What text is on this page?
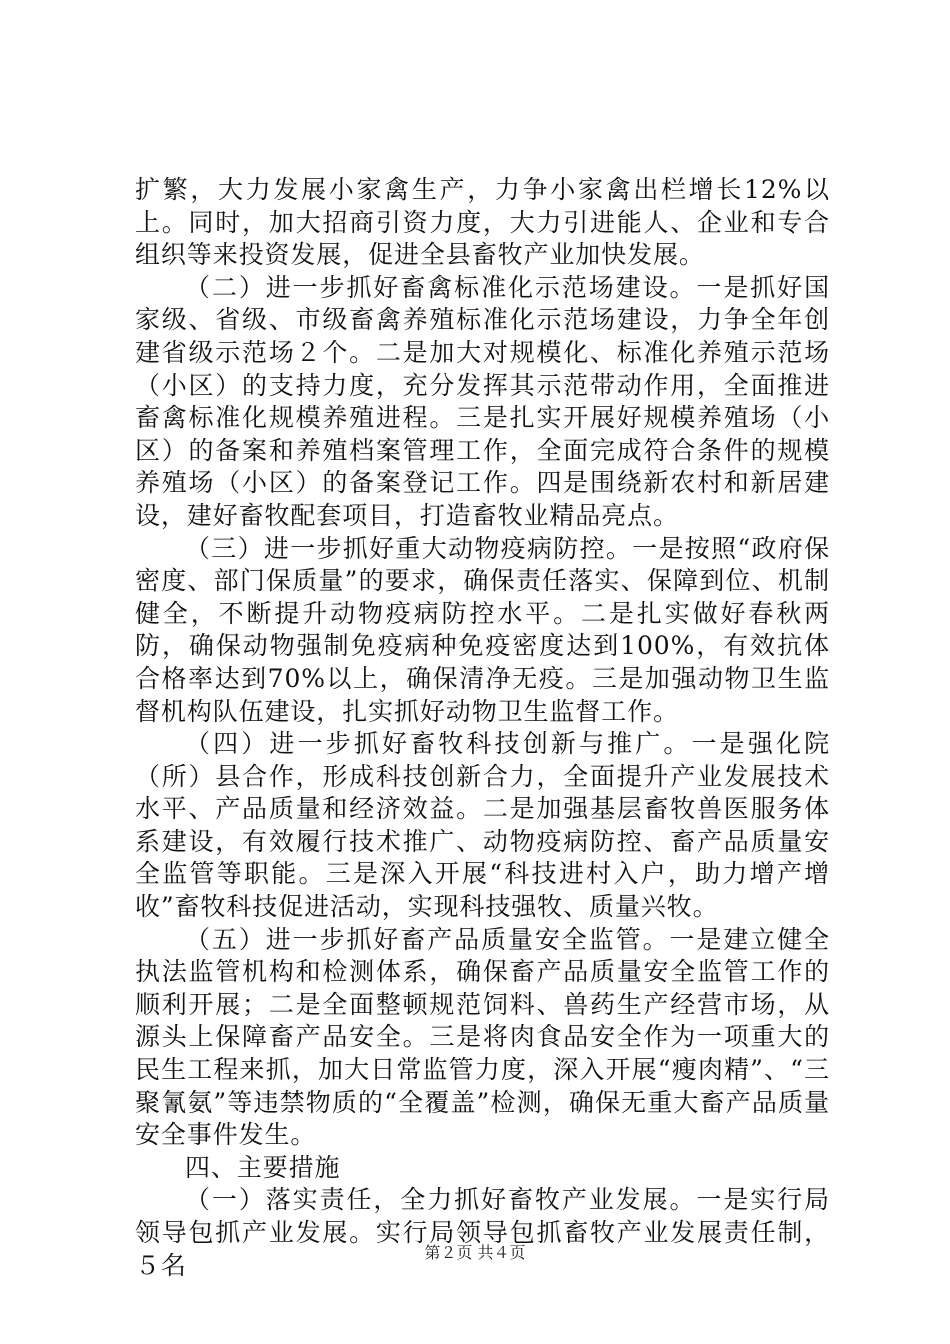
扩繁，大力发展小家禽生产，力争小家禽出栏增长12%以上。同时，加大招商引资力度，大力引进能人、企业和专合组织等来投资发展，促进全县畜牧产业加快发展。

（二）进一步抓好畜禽标准化示范场建设。一是抓好国家级、省级、市级畜禽养殖标准化示范场建设，力争全年创建省级示范场２个。二是加大对规模化、标准化养殖示范场（小区）的支持力度，充分发挥其示范带动作用，全面推进畜禽标准化规模养殖进程。三是扎实开展好规模养殖场（小区）的备案和养殖档案管理工作，全面完成符合条件的规模养殖场（小区）的备案登记工作。四是围绕新农村和新居建设，建好畜牧配套项目，打造畜牧业精品亮点。

（三）进一步抓好重大动物疫病防控。一是按照“政府保密度、部门保质量”的要求，确保责任落实、保障到位、机制健全，不断提升动物疫病防控水平。二是扎实做好春秋两防，确保动物强制免疫病种免疫密度达到100%，有效抗体合格率达到70%以上，确保清净无疫。三是加强动物卫生监督机构队伍建设，扎实抓好动物卫生监督工作。

（四）进一步抓好畜牧科技创新与推广。一是强化院（所）县合作，形成科技创新合力，全面提升产业发展技术水平、产品质量和经济效益。二是加强基层畜牧兽医服务体系建设，有效履行技术推广、动物疫病防控、畜产品质量安全监管等职能。三是深入开展“科技进村入户，助力增产增收”畜牧科技促进活动，实现科技强牧、质量兴牧。

（五）进一步抓好畜产品质量安全监管。一是建立健全执法监管机构和检测体系，确保畜产品质量安全监管工作的顺利开展；二是全面整顿规范饲料、兽药生产经营市场，从源头上保障畜产品安全。三是将肉食品安全作为一项重大的民生工程来抓，加大日常监管力度，深入开展“瘦肉精”、“三聚氰氨”等违禁物质的“全覆盖”检测，确保无重大畜产品质量安全事件发生。

四、主要措施

（一）落实责任，全力抓好畜牧产业发展。一是实行局领导包抓产业发展。实行局领导包抓畜牧产业发展责任制，５名	第２页 共４页
